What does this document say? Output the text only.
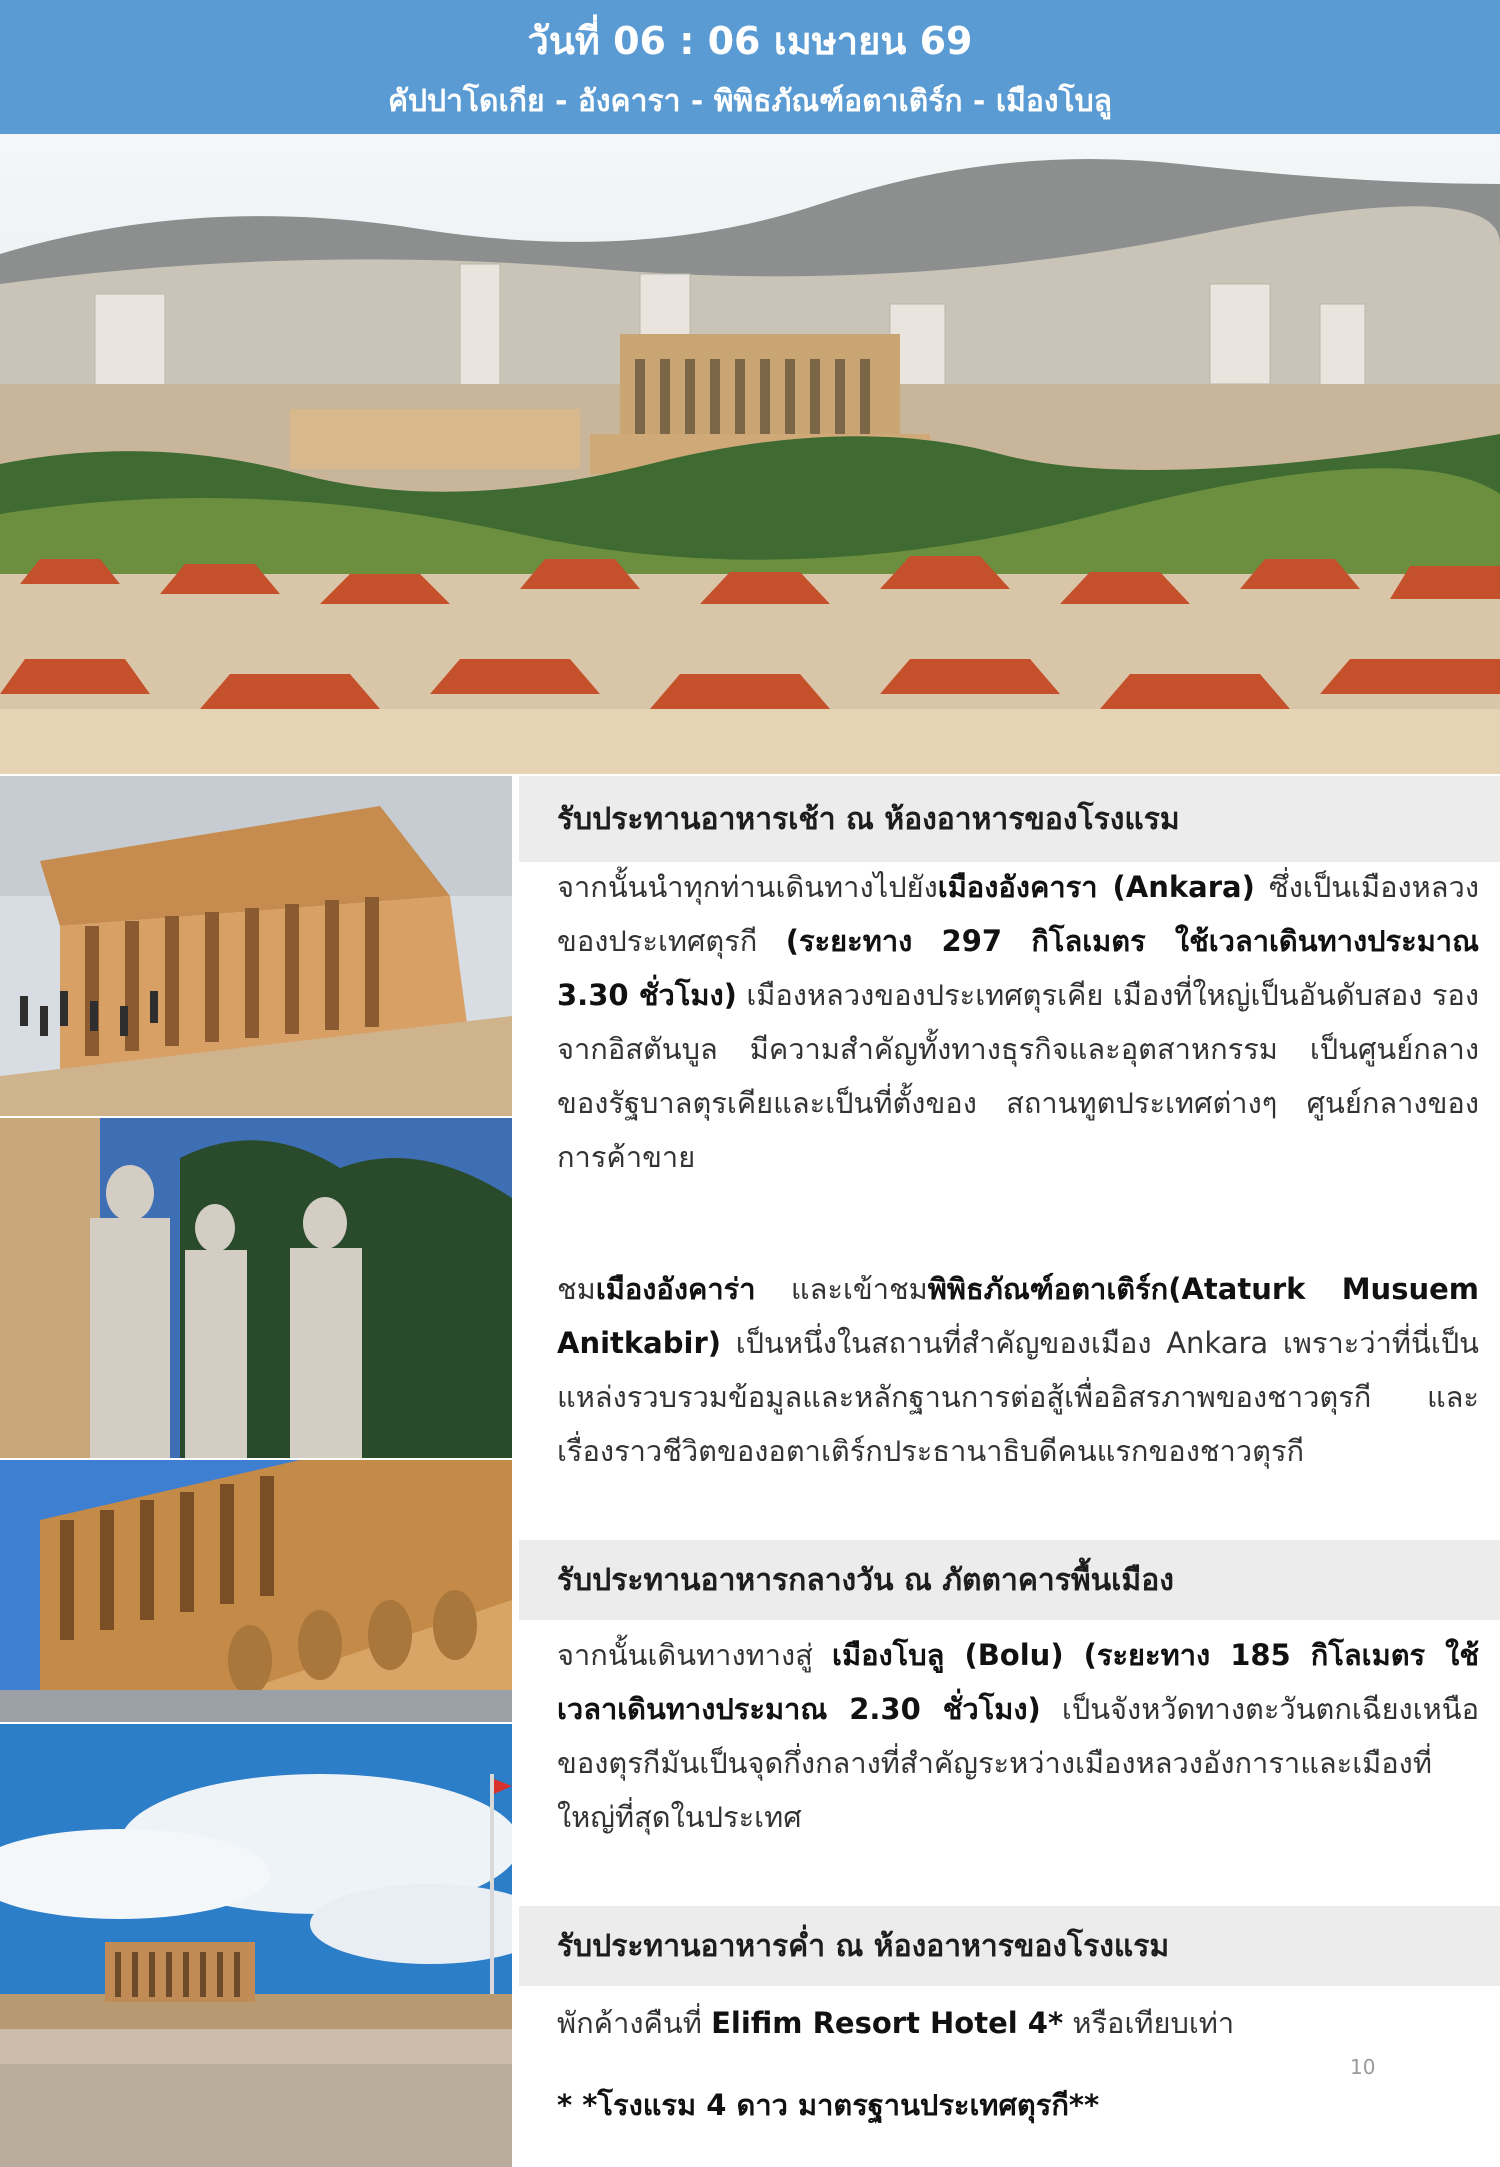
วันที่ 06 : 06 เมษายน 69
คัปปาโดเกีย - อังคารา - พิพิธภัณฑ์อตาเติร์ก - เมืองโบลู
รับประทานอาหารเช้า ณ ห้องอาหารของโรงแรม
จากนั้นนำทุกท่านเดินทางไปยังเมืองอังคารา (Ankara) ซึ่งเป็นเมืองหลวงของประเทศตุรกี (ระยะทาง 297 กิโลเมตร ใช้เวลาเดินทางประมาณ 3.30 ชั่วโมง) เมืองหลวงของประเทศตุรเคีย เมืองที่ใหญ่เป็นอันดับสอง รองจากอิสตันบูล มีความสำคัญทั้งทางธุรกิจและอุตสาหกรรม เป็นศูนย์กลางของรัฐบาลตุรเคียและเป็นที่ตั้งของ สถานทูตประเทศต่างๆ ศูนย์กลางของการค้าขาย
ชมเมืองอังคาร่า และเข้าชมพิพิธภัณฑ์อตาเติร์ก(Ataturk Musuem Anitkabir) เป็นหนึ่งในสถานที่สำคัญของเมือง Ankara เพราะว่าที่นี่เป็นแหล่งรวบรวมข้อมูลและหลักฐานการต่อสู้เพื่ออิสรภาพของชาวตุรกี และเรื่องราวชีวิตของอตาเติร์กประธานาธิบดีคนแรกของชาวตุรกี
รับประทานอาหารกลางวัน ณ ภัตตาคารพื้นเมือง
จากนั้นเดินทางทางสู่ เมืองโบลู (Bolu) (ระยะทาง 185 กิโลเมตร ใช้เวลาเดินทางประมาณ 2.30 ชั่วโมง) เป็นจังหวัดทางตะวันตกเฉียงเหนือของตุรกีมันเป็นจุดกึ่งกลางที่สำคัญระหว่างเมืองหลวงอังการาและเมืองที่ใหญ่ที่สุดในประเทศ
รับประทานอาหารค่ำ ณ ห้องอาหารของโรงแรม
พักค้างคืนที่ Elifim Resort Hotel 4* หรือเทียบเท่า
10
* *โรงแรม 4 ดาว มาตรฐานประเทศตุรกี**
